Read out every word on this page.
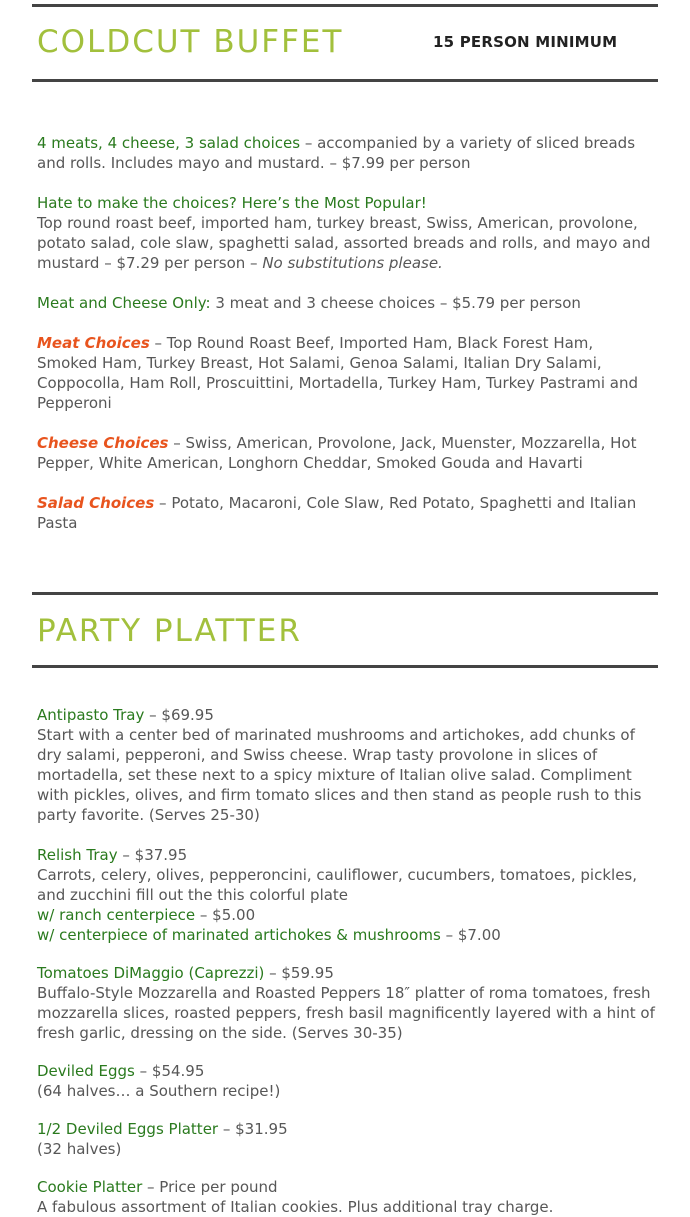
COLDCUT BUFFET	15 PERSON MINIMUM

4 meats, 4 cheese, 3 salad choices – accompanied by a variety of sliced breads and rolls. Includes mayo and mustard. – $7.99 per person

Hate to make the choices? Here’s the Most Popular!

Top round roast beef, imported ham, turkey breast, Swiss, American, provolone, potato salad, cole slaw, spaghetti salad, assorted breads and rolls, and mayo and mustard – $7.29 per person – No substitutions please.

Meat and Cheese Only: 3 meat and 3 cheese choices – $5.79 per person

Meat Choices – Top Round Roast Beef, Imported Ham, Black Forest Ham, Smoked Ham, Turkey Breast, Hot Salami, Genoa Salami, Italian Dry Salami, Coppocolla, Ham Roll, Proscuittini, Mortadella, Turkey Ham, Turkey Pastrami and Pepperoni

Cheese Choices – Swiss, American, Provolone, Jack, Muenster, Mozzarella, Hot Pepper, White American, Longhorn Cheddar, Smoked Gouda and Havarti

Salad Choices – Potato, Macaroni, Cole Slaw, Red Potato, Spaghetti and Italian Pasta

PARTY PLATTER

Antipasto Tray – $69.95

Start with a center bed of marinated mushrooms and artichokes, add chunks of dry salami, pepperoni, and Swiss cheese. Wrap tasty provolone in slices of mortadella, set these next to a spicy mixture of Italian olive salad. Compliment with pickles, olives, and firm tomato slices and then stand as people rush to this party favorite. (Serves 25-30)

Relish Tray – $37.95

Carrots, celery, olives, pepperoncini, cauliflower, cucumbers, tomatoes, pickles, and zucchini fill out the this colorful plate

w/ ranch centerpiece – $5.00

w/ centerpiece of marinated artichokes & mushrooms – $7.00

Tomatoes DiMaggio (Caprezzi) – $59.95

Buffalo-Style Mozzarella and Roasted Peppers 18″ platter of roma tomatoes, fresh mozzarella slices, roasted peppers, fresh basil magnificently layered with a hint of fresh garlic, dressing on the side. (Serves 30-35)

Deviled Eggs – $54.95

(64 halves… a Southern recipe!)

1/2 Deviled Eggs Platter – $31.95

(32 halves)

Cookie Platter – Price per pound

A fabulous assortment of Italian cookies. Plus additional tray charge.
